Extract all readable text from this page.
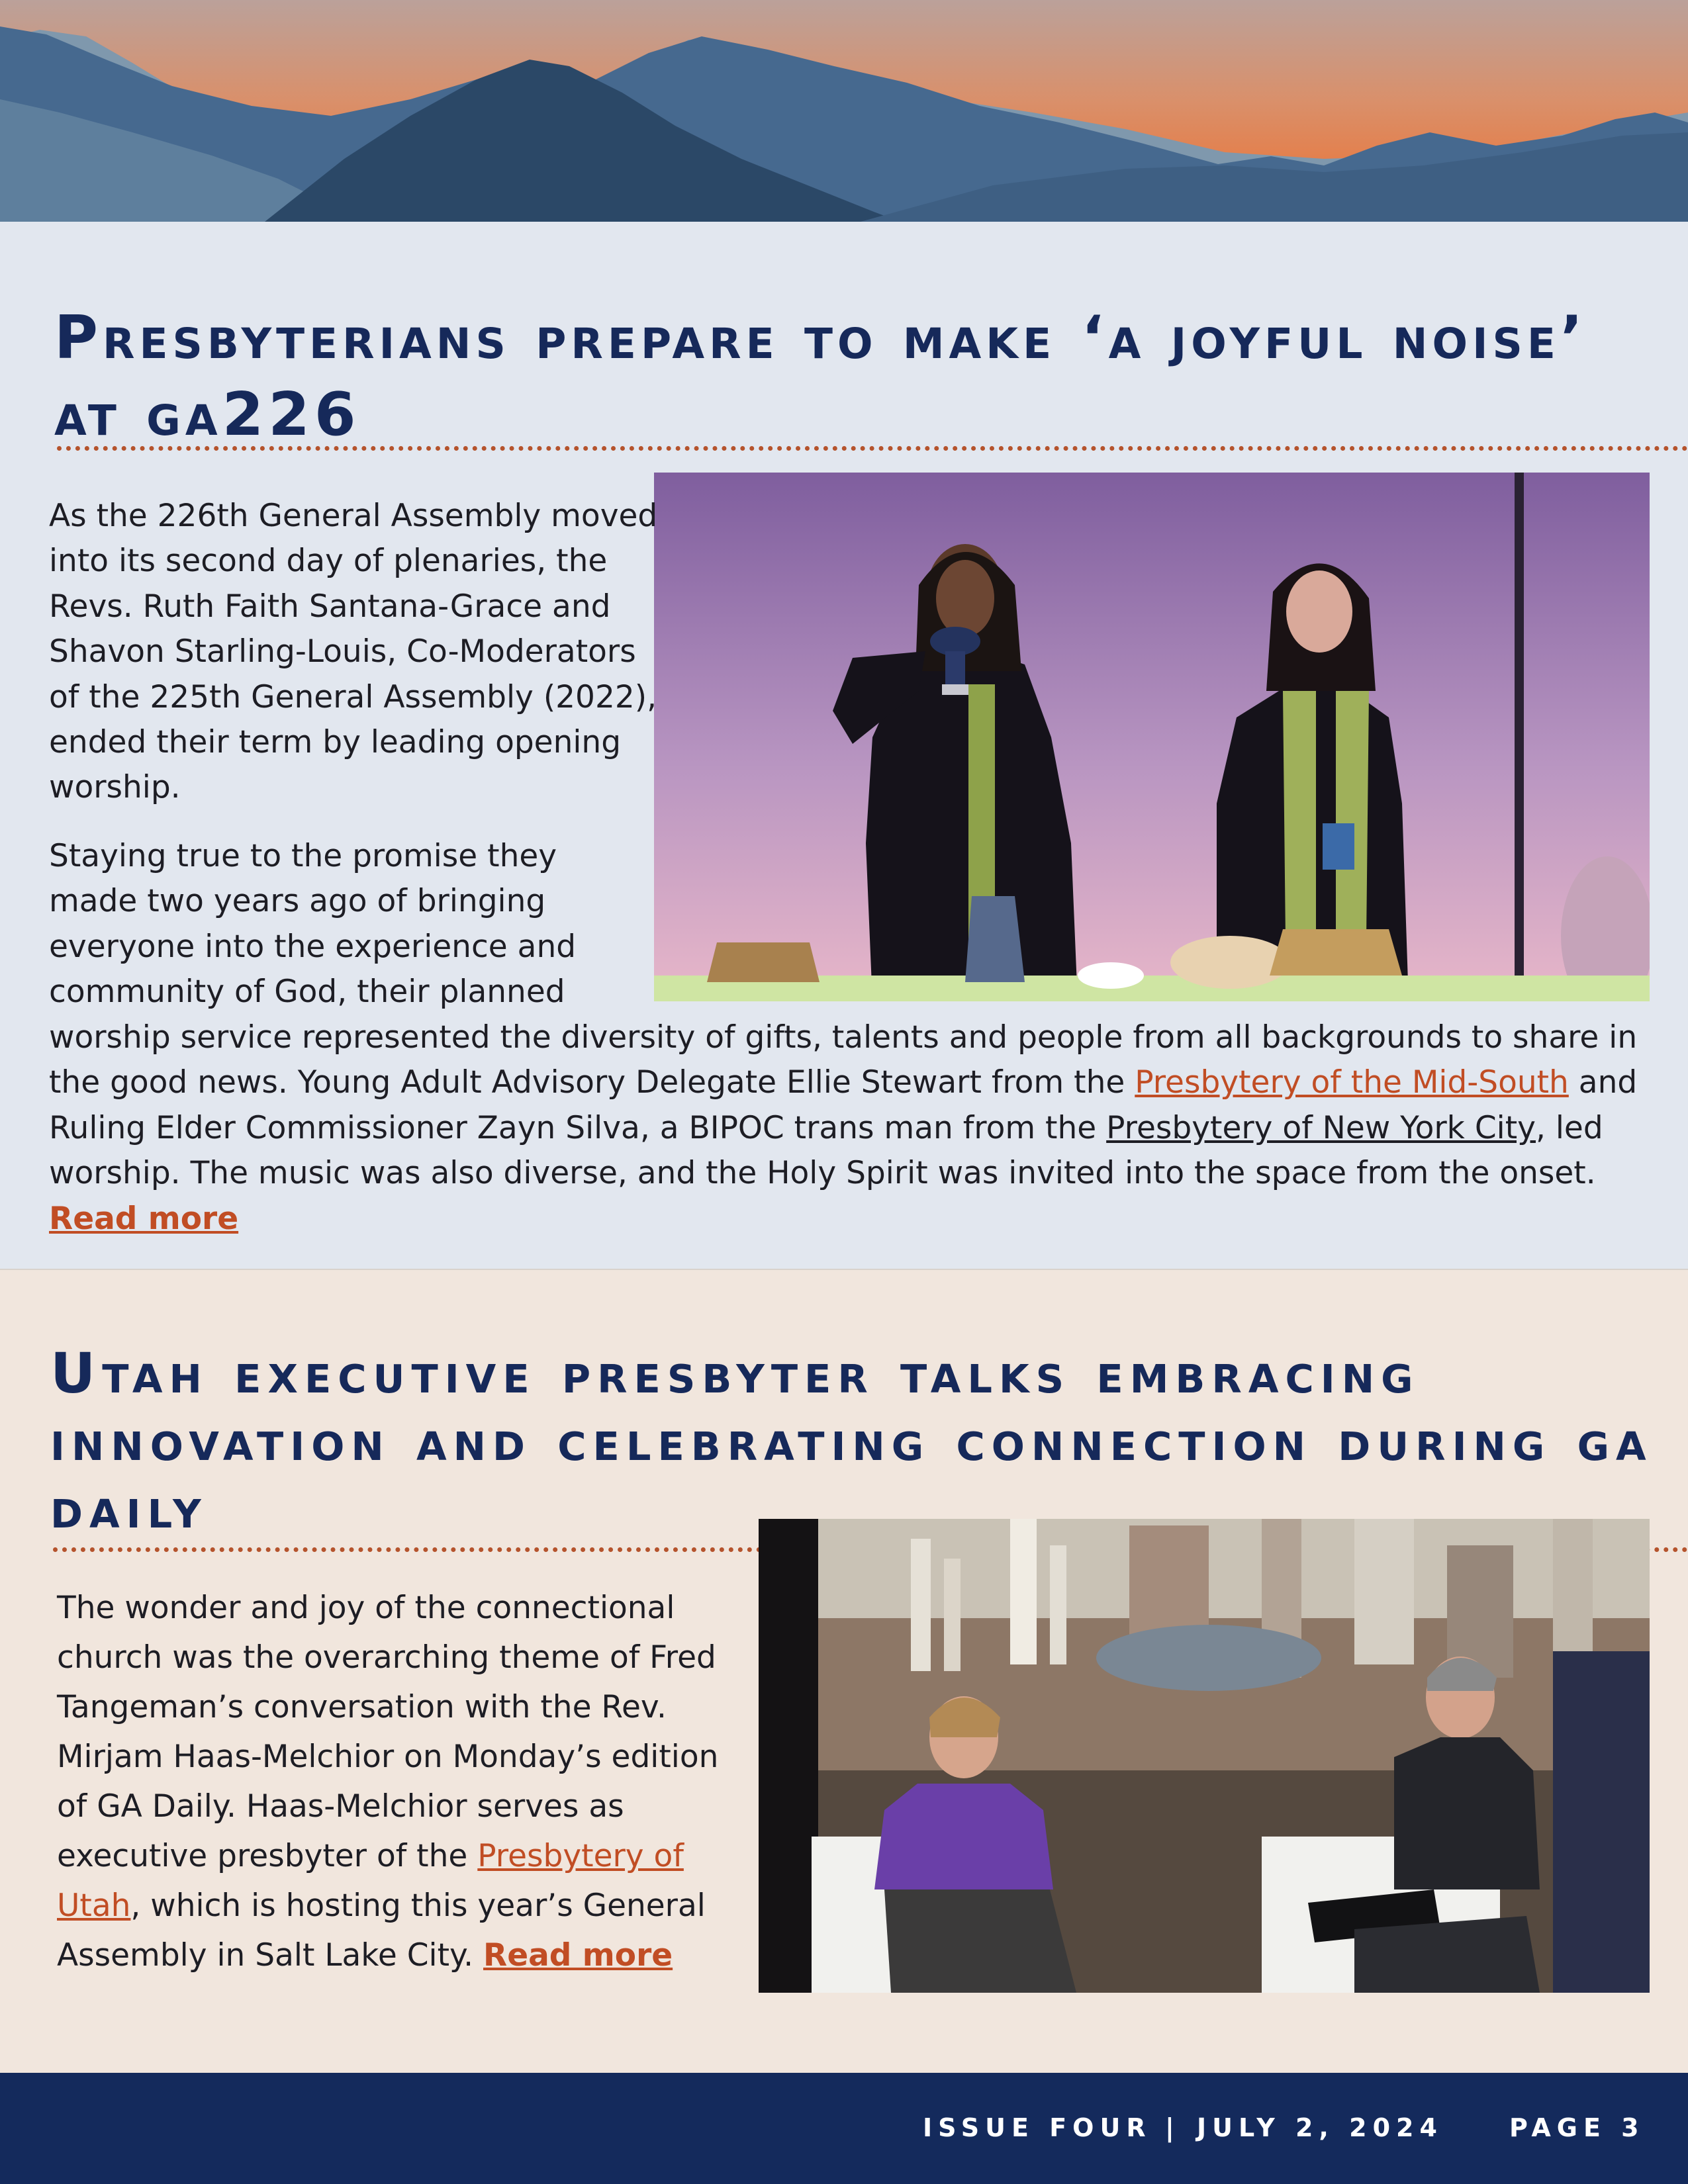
Presbyterians prepare to make ‘a joyful noise’ at ga226

As the 226th General Assembly moved into its second day of plenaries, the Revs. Ruth Faith Santana-Grace and Shavon Starling-Louis, Co-Moderators of the 225th General Assembly (2022), ended their term by leading opening worship.

Staying true to the promise they made two years ago of bringing everyone into the experience and community of God, their planned

worship service represented the diversity of gifts, talents and people from all backgrounds to share in the good news. Young Adult Advisory Delegate Ellie Stewart from the Presbytery of the Mid-South and Ruling Elder Commissioner Zayn Silva, a BIPOC trans man from the Presbytery of New York City, led worship. The music was also diverse, and the Holy Spirit was invited into the space from the onset.
Read more

Utah executive presbyter talks embracing innovation and celebrating connection during ga daily

The wonder and joy of the connectional church was the overarching theme of Fred Tangeman’s conversation with the Rev. Mirjam Haas-Melchior on Monday’s edition of GA Daily. Haas-Melchior serves as executive presbyter of the Presbytery of Utah, which is hosting this year’s General Assembly in Salt Lake City. Read more

ISSUE FOUR | JULY 2, 2024	PAGE 3
